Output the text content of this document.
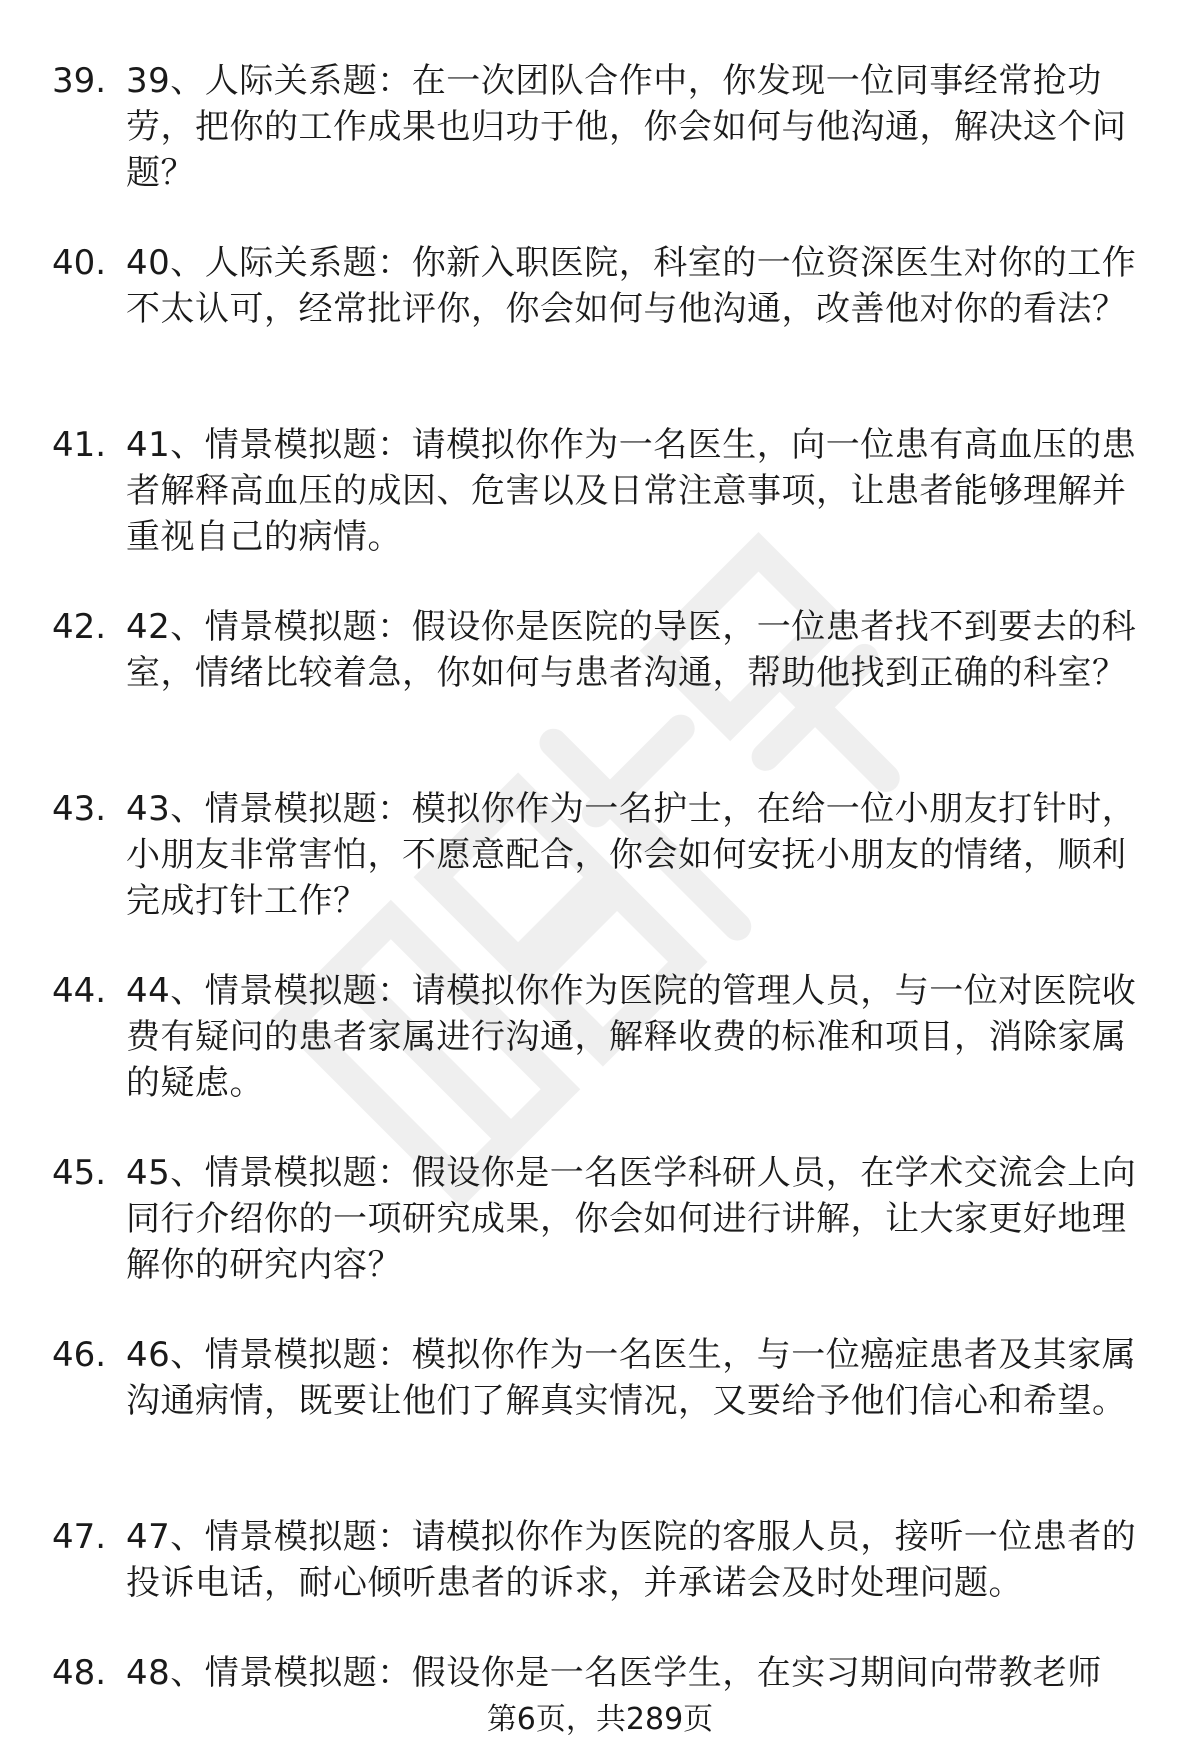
39. 39、人际关系题：在一次团队合作中，你发现一位同事经常抢功劳，把你的工作成果也归功于他，你会如何与他沟通，解决这个问题？
40. 40、人际关系题：你新入职医院，科室的一位资深医生对你的工作不太认可，经常批评你，你会如何与他沟通，改善他对你的看法？
41. 41、情景模拟题：请模拟你作为一名医生，向一位患有高血压的患者解释高血压的成因、危害以及日常注意事项，让患者能够理解并重视自己的病情。
42. 42、情景模拟题：假设你是医院的导医，一位患者找不到要去的科室，情绪比较着急，你如何与患者沟通，帮助他找到正确的科室？
43. 43、情景模拟题：模拟你作为一名护士，在给一位小朋友打针时，小朋友非常害怕，不愿意配合，你会如何安抚小朋友的情绪，顺利完成打针工作？
44. 44、情景模拟题：请模拟你作为医院的管理人员，与一位对医院收费有疑问的患者家属进行沟通，解释收费的标准和项目，消除家属的疑虑。
45. 45、情景模拟题：假设你是一名医学科研人员，在学术交流会上向同行介绍你的一项研究成果，你会如何进行讲解，让大家更好地理解你的研究内容？
46. 46、情景模拟题：模拟你作为一名医生，与一位癌症患者及其家属沟通病情，既要让他们了解真实情况，又要给予他们信心和希望。
47. 47、情景模拟题：请模拟你作为医院的客服人员，接听一位患者的投诉电话，耐心倾听患者的诉求，并承诺会及时处理问题。
48. 48、情景模拟题：假设你是一名医学生，在实习期间向带教老师
第6页，共289页
